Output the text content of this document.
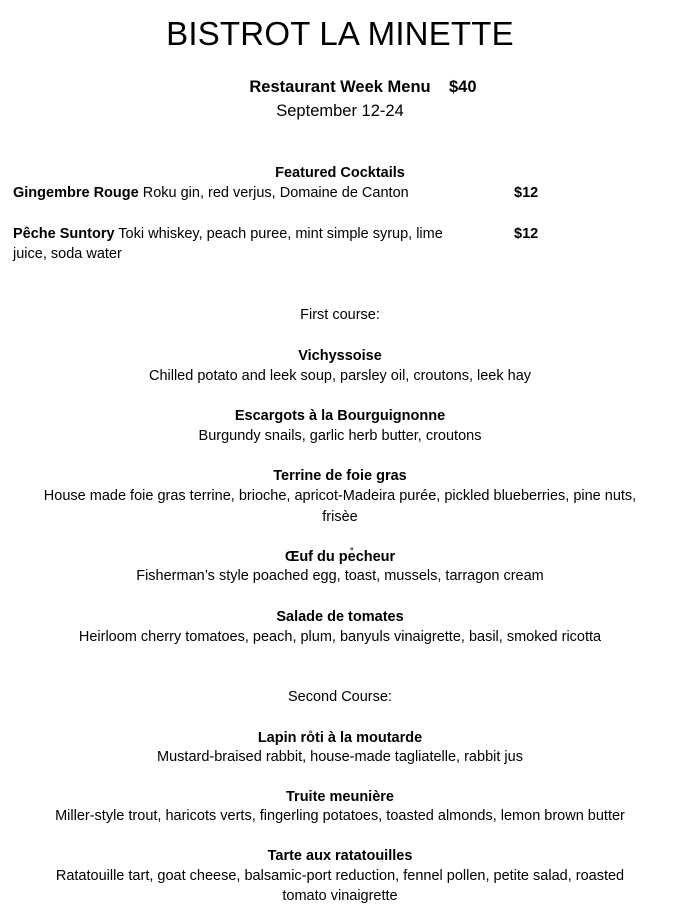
BISTROT LA MINETTE
Restaurant Week Menu	$40
September 12-24
Featured Cocktails
Gingembre Rouge Roku gin, red verjus, Domaine de Canton	$12
Pêche Suntory Toki whiskey, peach puree, mint simple syrup, lime juice, soda water
$12
First course:
Vichyssoise
Chilled potato and leek soup, parsley oil, croutons, leek hay
Escargots à la Bourguignonne
Burgundy snails, garlic herb butter, croutons
Terrine de foie gras
House made foie gras terrine, brioche, apricot-Madeira purée, pickled blueberries, pine nuts,
frisèe
Œuf du pe̊cheur
Fisherman’s style poached egg, toast, mussels, tarragon cream
Salade de tomates
Heirloom cherry tomatoes, peach, plum, banyuls vinaigrette, basil, smoked ricotta
Second Course:
Lapin ro̊ti à la moutarde
Mustard-braised rabbit, house-made tagliatelle, rabbit jus
Truite meunière
Miller-style trout, haricots verts, fingerling potatoes, toasted almonds, lemon brown butter
Tarte aux ratatouilles
Ratatouille tart, goat cheese, balsamic-port reduction, fennel pollen, petite salad, roasted
tomato vinaigrette
